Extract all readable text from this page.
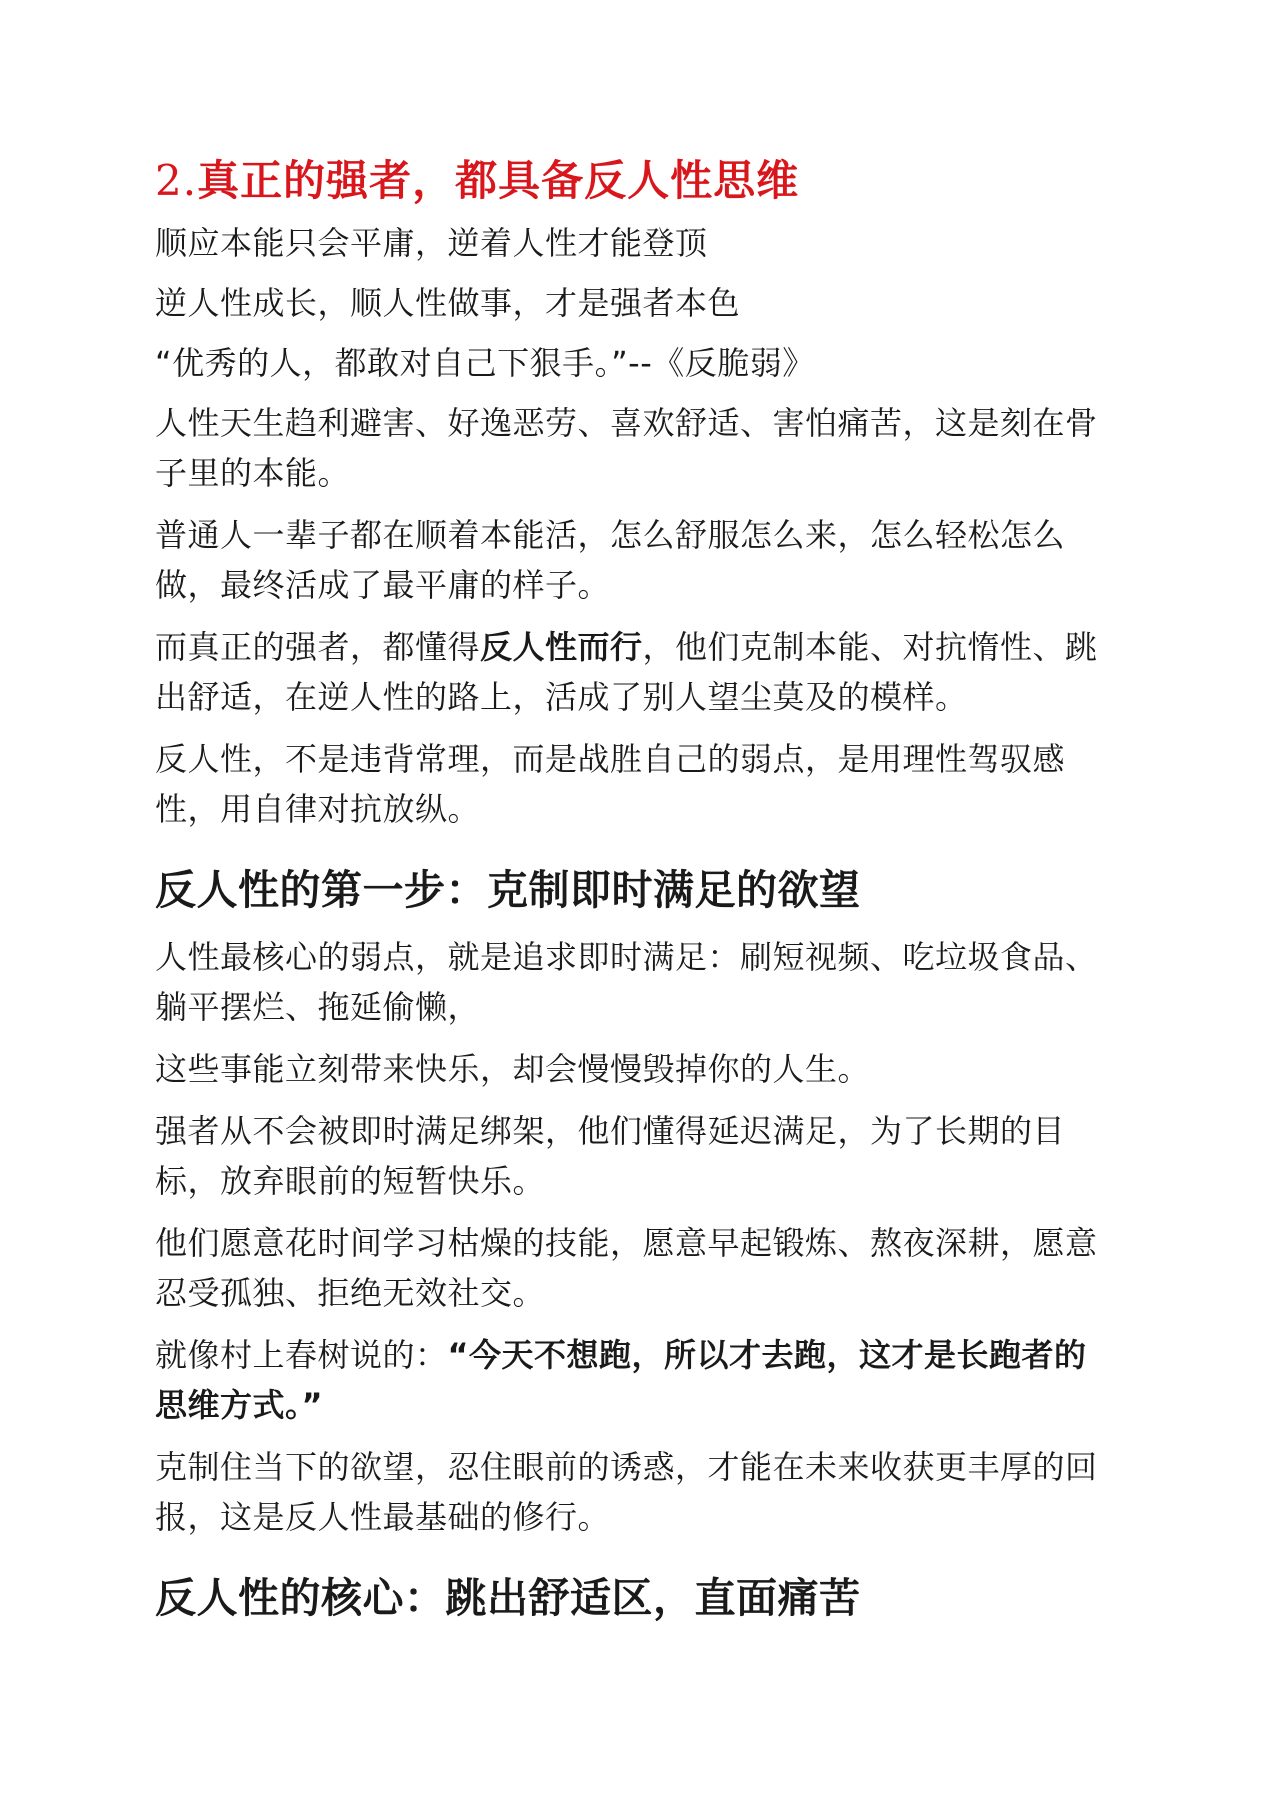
2.真正的强者，都具备反人性思维

顺应本能只会平庸，逆着人性才能登顶

逆人性成长，顺人性做事，才是强者本色

“优秀的人，都敢对自己下狠手。”--《反脆弱》

人性天生趋利避害、好逸恶劳、喜欢舒适、害怕痛苦，这是刻在骨子里的本能。

普通人一辈子都在顺着本能活，怎么舒服怎么来，怎么轻松怎么做，最终活成了最平庸的样子。

而真正的强者，都懂得反人性而行，他们克制本能、对抗惰性、跳出舒适，在逆人性的路上，活成了别人望尘莫及的模样。

反人性，不是违背常理，而是战胜自己的弱点，是用理性驾驭感性，用自律对抗放纵。

反人性的第一步：克制即时满足的欲望

人性最核心的弱点，就是追求即时满足：刷短视频、吃垃圾食品、躺平摆烂、拖延偷懒，

这些事能立刻带来快乐，却会慢慢毁掉你的人生。

强者从不会被即时满足绑架，他们懂得延迟满足，为了长期的目标，放弃眼前的短暂快乐。

他们愿意花时间学习枯燥的技能，愿意早起锻炼、熬夜深耕，愿意忍受孤独、拒绝无效社交。

就像村上春树说的：“今天不想跑，所以才去跑，这才是长跑者的思维方式。”

克制住当下的欲望，忍住眼前的诱惑，才能在未来收获更丰厚的回报，这是反人性最基础的修行。

反人性的核心：跳出舒适区，直面痛苦
